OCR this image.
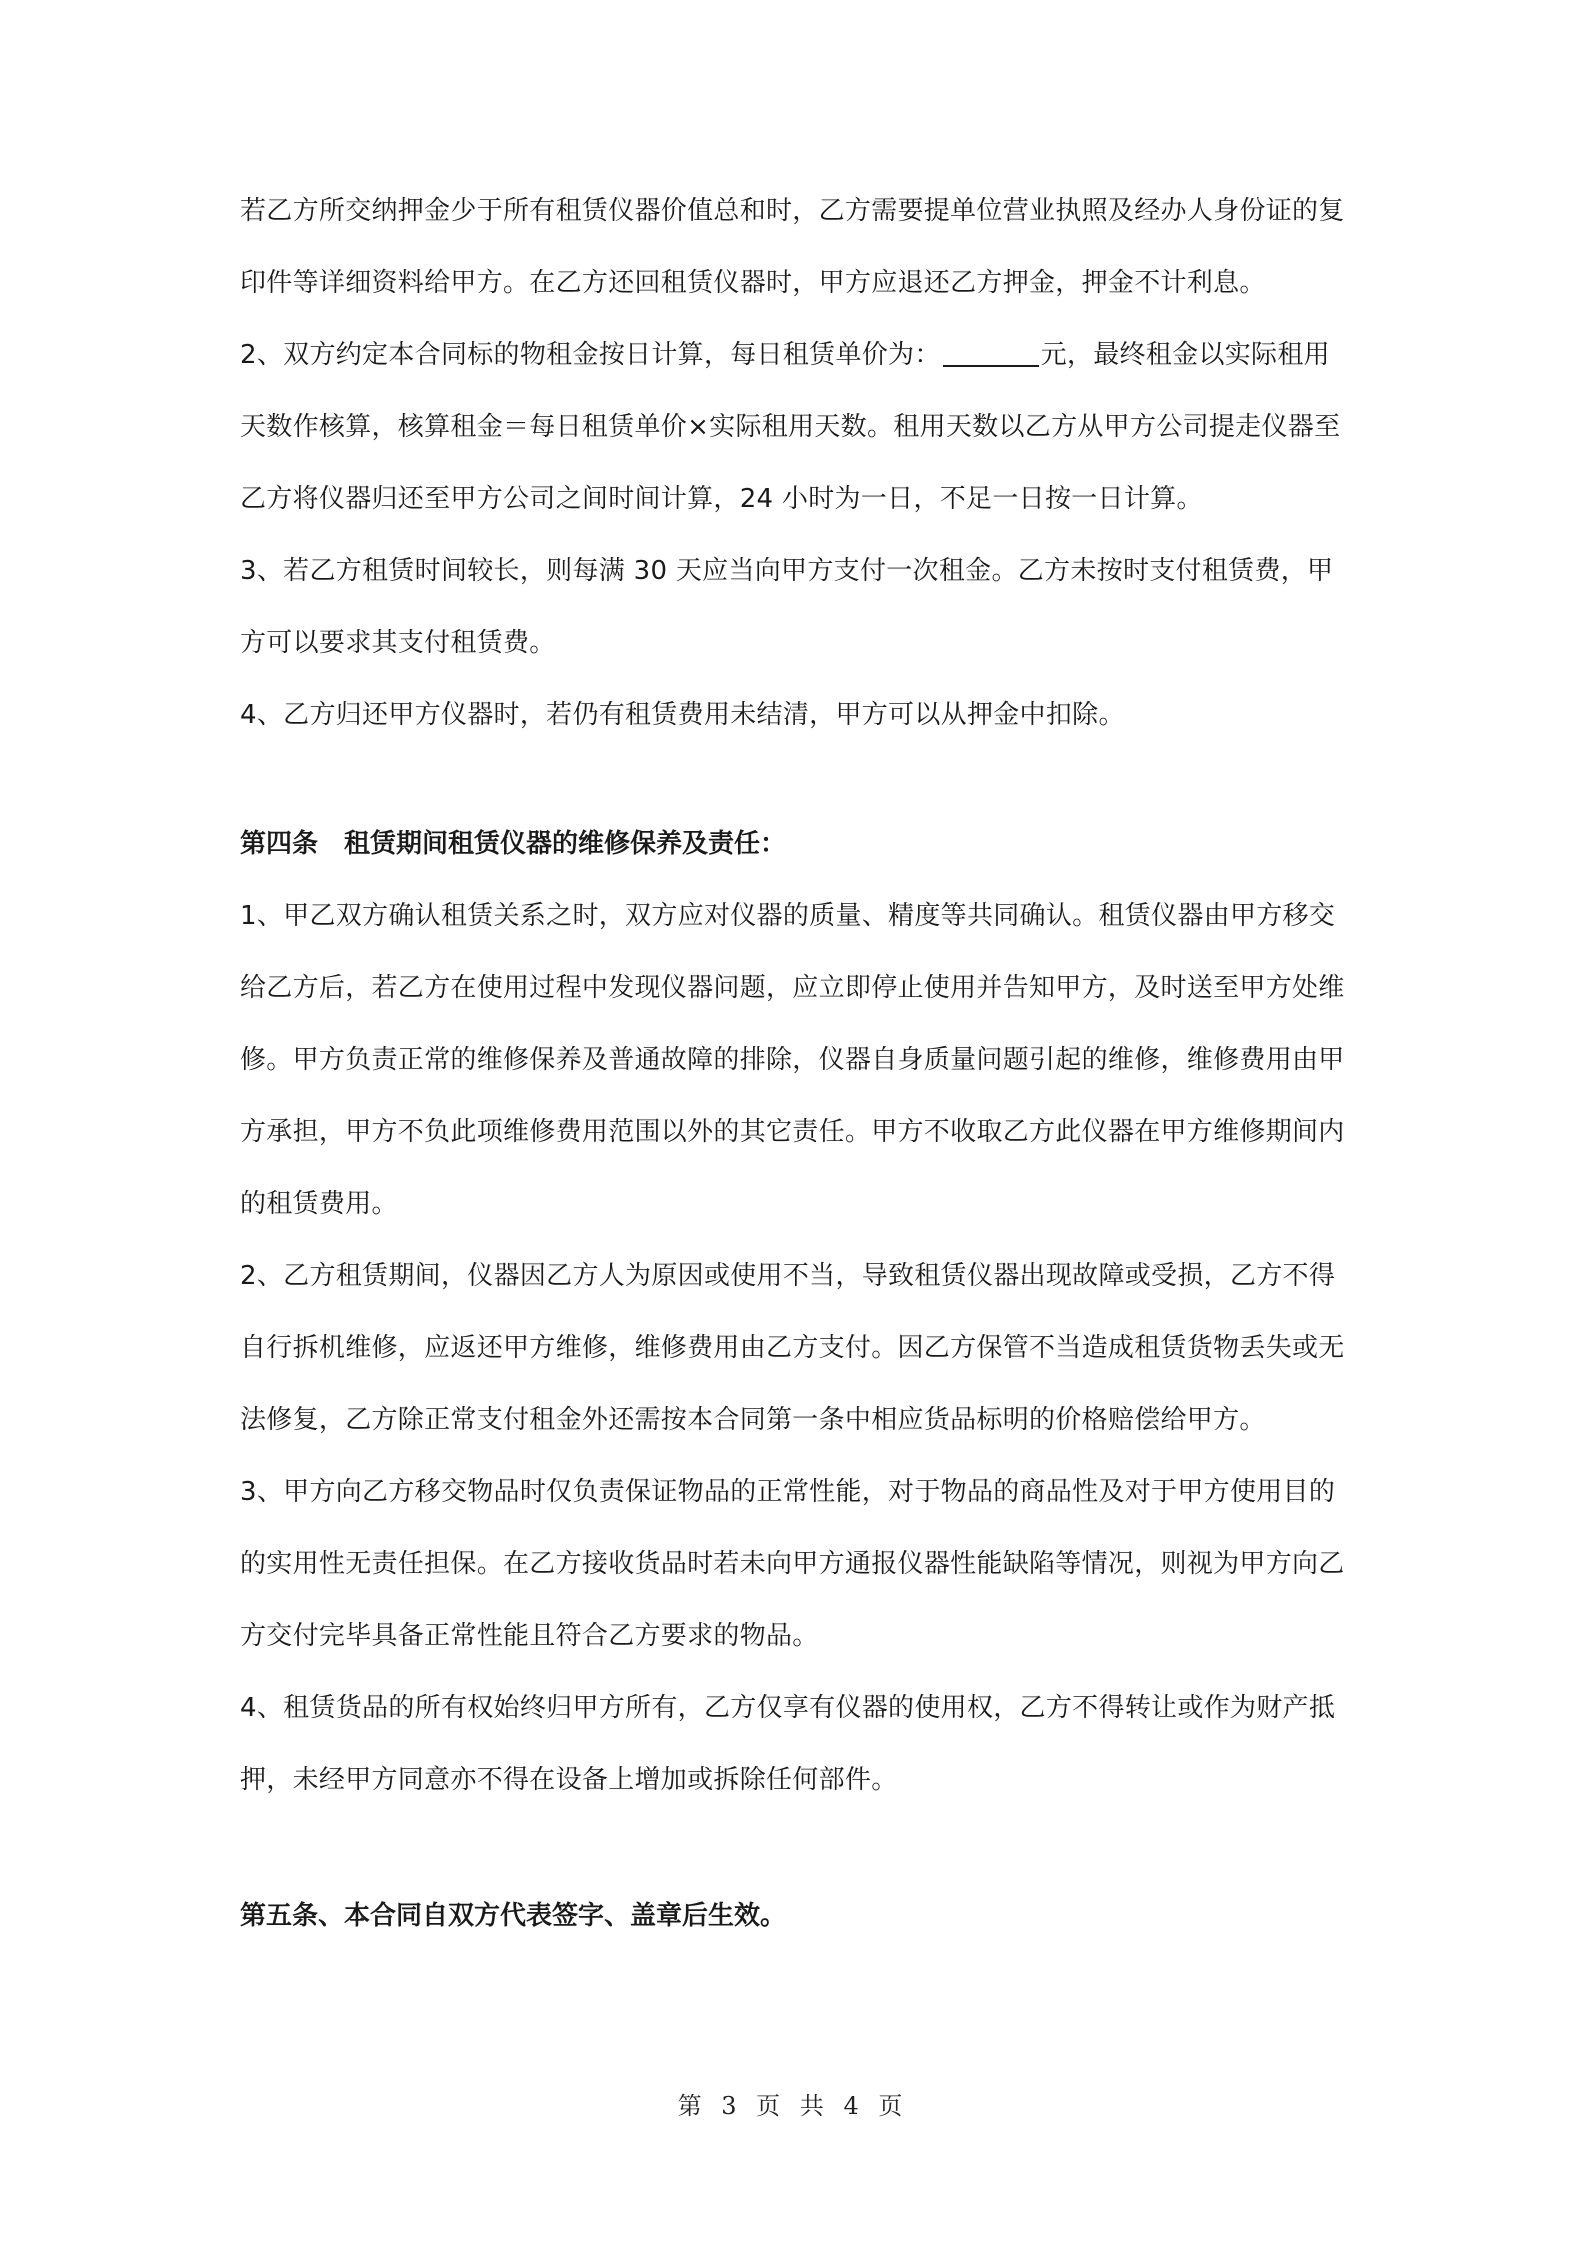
若乙方所交纳押金少于所有租赁仪器价值总和时，乙方需要提单位营业执照及经办人身份证的复印件等详细资料给甲方。在乙方还回租赁仪器时，甲方应退还乙方押金，押金不计利息。

2、双方约定本合同标的物租金按日计算，每日租赁单价为：	元，最终租金以实际租用天数作核算，核算租金＝每日租赁单价×实际租用天数。租用天数以乙方从甲方公司提走仪器至乙方将仪器归还至甲方公司之间时间计算，24 小时为一日，不足一日按一日计算。

3、若乙方租赁时间较长，则每满 30 天应当向甲方支付一次租金。乙方未按时支付租赁费，甲方可以要求其支付租赁费。

4、乙方归还甲方仪器时，若仍有租赁费用未结清，甲方可以从押金中扣除。

第四条　租赁期间租赁仪器的维修保养及责任：

1、甲乙双方确认租赁关系之时，双方应对仪器的质量、精度等共同确认。租赁仪器由甲方移交给乙方后，若乙方在使用过程中发现仪器问题，应立即停止使用并告知甲方，及时送至甲方处维修。甲方负责正常的维修保养及普通故障的排除，仪器自身质量问题引起的维修，维修费用由甲方承担，甲方不负此项维修费用范围以外的其它责任。甲方不收取乙方此仪器在甲方维修期间内的租赁费用。

2、乙方租赁期间，仪器因乙方人为原因或使用不当，导致租赁仪器出现故障或受损，乙方不得自行拆机维修，应返还甲方维修，维修费用由乙方支付。因乙方保管不当造成租赁货物丢失或无法修复，乙方除正常支付租金外还需按本合同第一条中相应货品标明的价格赔偿给甲方。

3、甲方向乙方移交物品时仅负责保证物品的正常性能，对于物品的商品性及对于甲方使用目的的实用性无责任担保。在乙方接收货品时若未向甲方通报仪器性能缺陷等情况，则视为甲方向乙方交付完毕具备正常性能且符合乙方要求的物品。

4、租赁货品的所有权始终归甲方所有，乙方仅享有仪器的使用权，乙方不得转让或作为财产抵押，未经甲方同意亦不得在设备上增加或拆除任何部件。

第五条、本合同自双方代表签字、盖章后生效。

第 3 页 共 4 页
